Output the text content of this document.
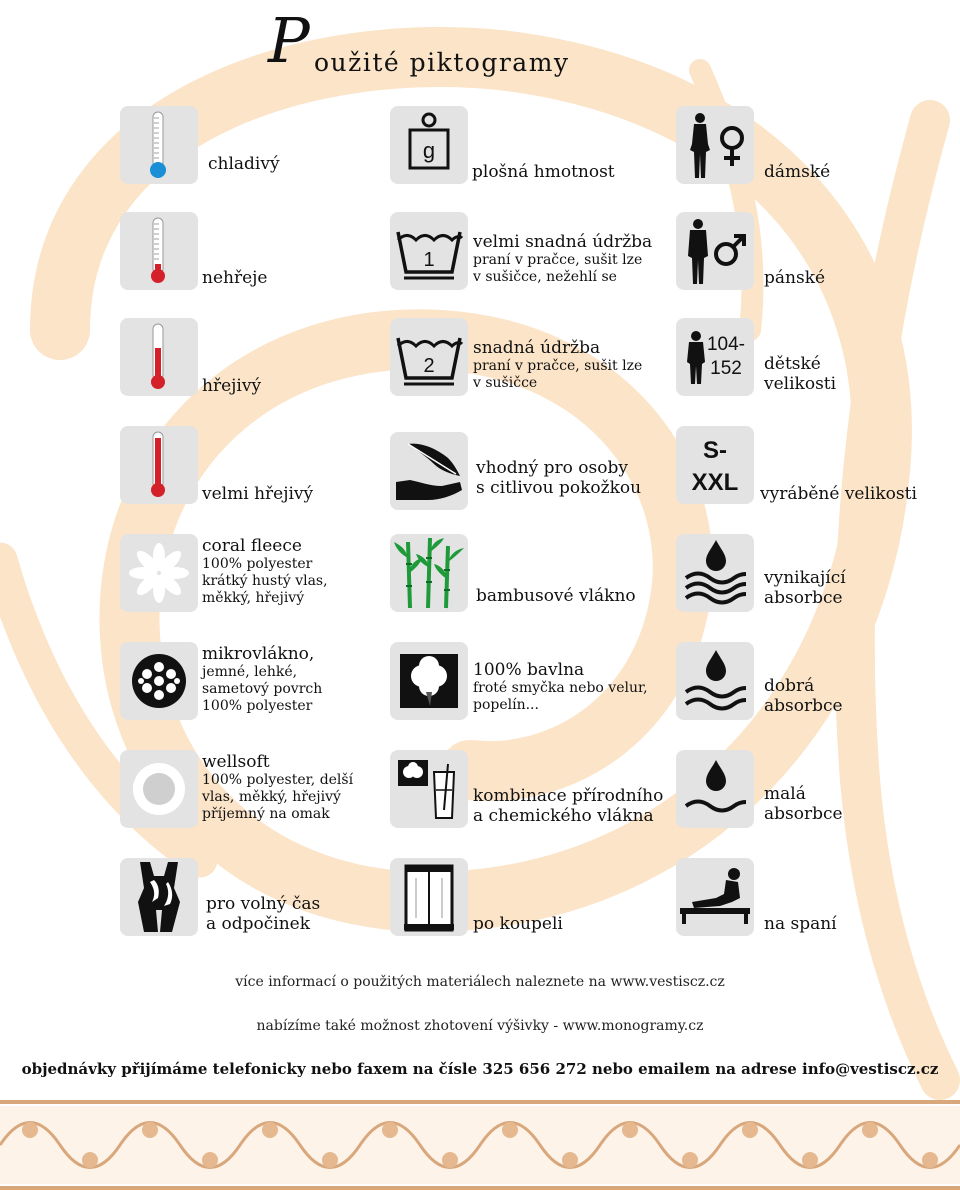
P oužité piktogramy
chladivý
nehřeje
hřejivý
velmi hřejivý
coral fleece
100% polyester
krátký hustý vlas,
měkký, hřejivý
mikrovlákno,
jemné, lehké,
sametový povrch
100% polyester
wellsoft
100% polyester, delší
vlas, měkký, hřejivý
příjemný na omak
pro volný čas
a odpočinek
g
plošná hmotnost
1
velmi snadná údržba
praní v pračce, sušit lze
v sušičce, nežehlí se
2
snadná údržba
praní v pračce, sušit lze
v sušičce
vhodný pro osoby
s citlivou pokožkou
bambusové vlákno
100% bavlna
froté smyčka nebo velur,
popelín...
kombinace přírodního
a chemického vlákna
po koupeli
dámské
pánské
104-
152 dětské
velikosti
S-
XXL vyráběné velikosti
vynikající
absorbce
dobrá
absorbce
malá
absorbce
na spaní
více informací o použitých materiálech naleznete na www.vestiscz.cz
nabízíme také možnost zhotovení výšivky - www.monogramy.cz
objednávky přijímáme telefonicky nebo faxem na čísle 325 656 272 nebo emailem na adrese info@vestiscz.cz
